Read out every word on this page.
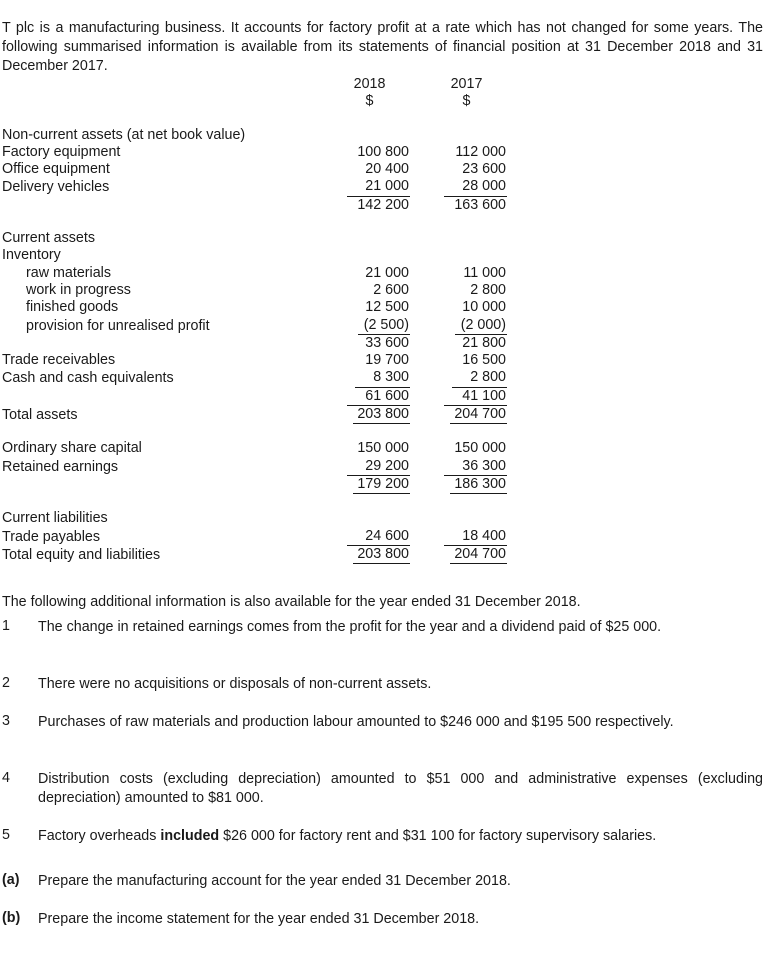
T plc is a manufacturing business. It accounts for factory profit at a rate which has not changed for some years. The following summarised information is available from its statements of financial position at 31 December 2018 and 31 December 2017.

	2018	2017
	$	$

Non-current assets (at net book value)		
Factory equipment	100 800	112 000
Office equipment	20 400	23 600
Delivery vehicles	21 000	28 000
	142 200	163 600

Current assets		
Inventory		
raw materials	21 000	11 000
work in progress	2 600	2 800
finished goods	12 500	10 000
provision for unrealised profit	(2 500)	(2 000)
	33 600	21 800
Trade receivables	19 700	16 500
Cash and cash equivalents	8 300	2 800
	61 600	41 100
Total assets	203 800	204 700

Ordinary share capital	150 000	150 000
Retained earnings	29 200	36 300
	179 200	186 300

Current liabilities		
Trade payables	24 600	18 400
Total equity and liabilities	203 800	204 700

The following additional information is also available for the year ended 31 December 2018.

1	The change in retained earnings comes from the profit for the year and a dividend paid of $25 000.
2	There were no acquisitions or disposals of non-current assets.
3	Purchases of raw materials and production labour amounted to $246 000 and $195 500 respectively.
4	Distribution costs (excluding depreciation) amounted to $51 000 and administrative expenses (excluding depreciation) amounted to $81 000.
5	Factory overheads included $26 000 for factory rent and $31 100 for factory supervisory salaries.
(a)	Prepare the manufacturing account for the year ended 31 December 2018.
(b)	Prepare the income statement for the year ended 31 December 2018.
